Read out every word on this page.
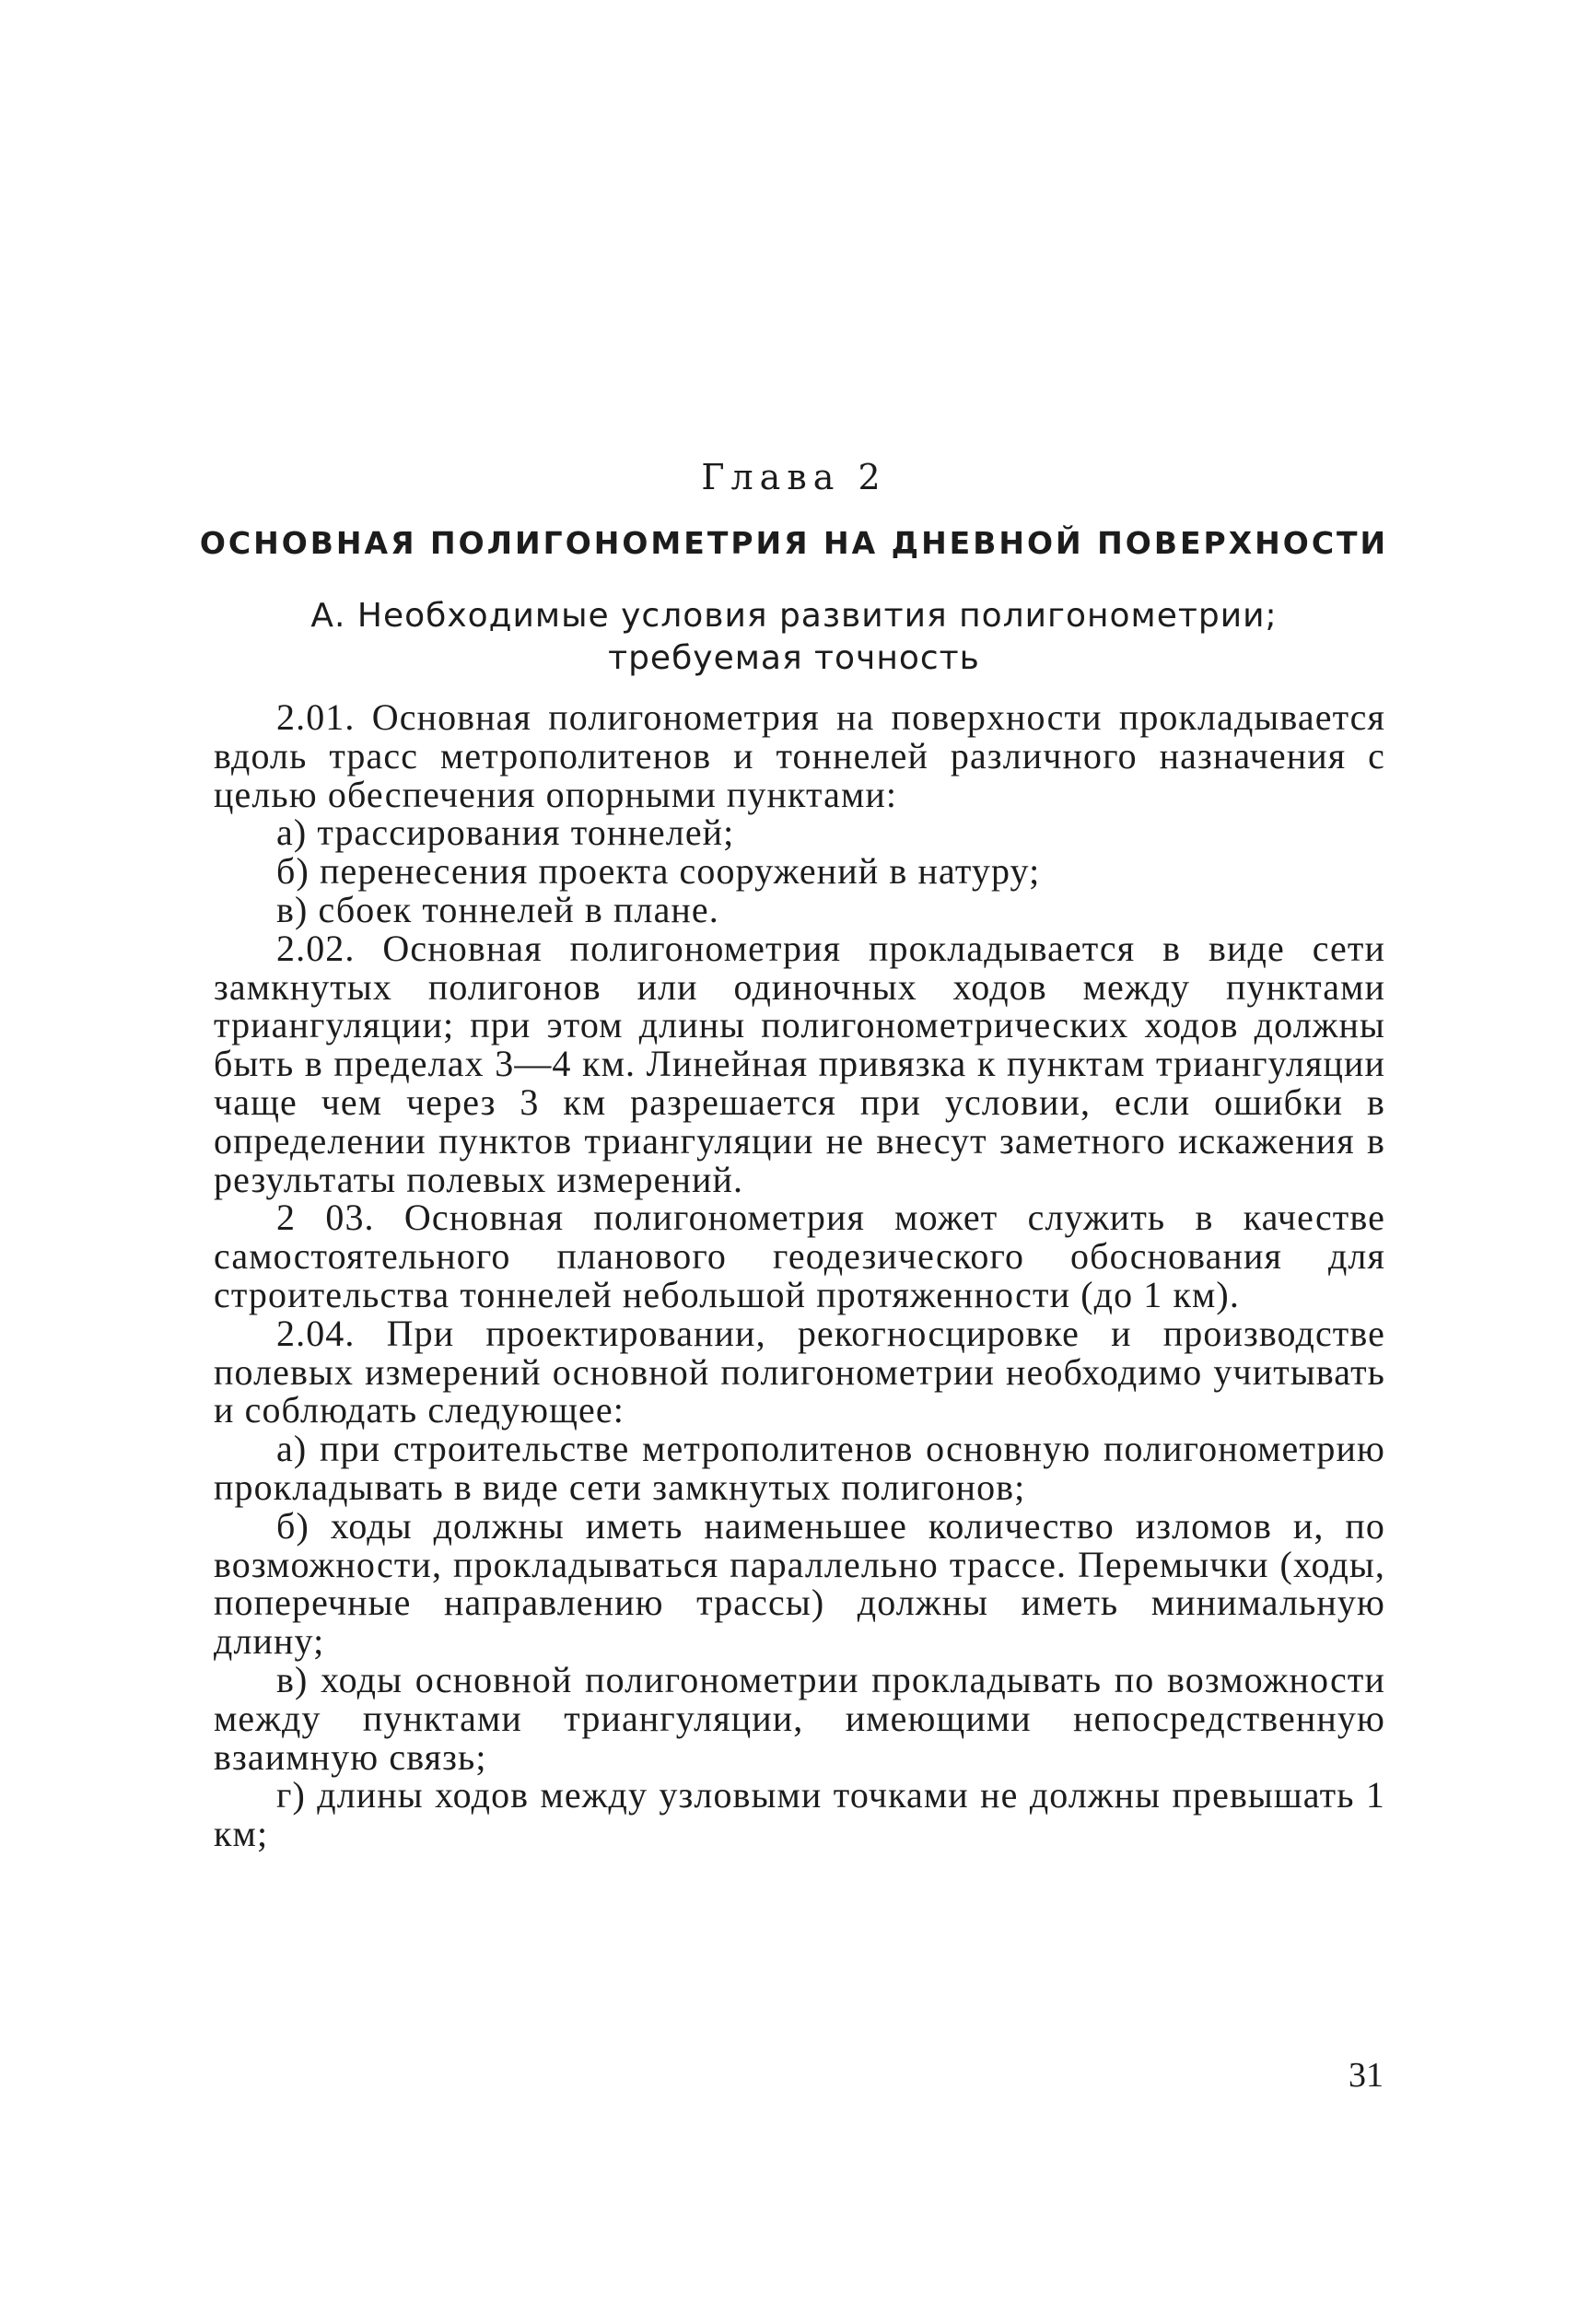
Глава 2
ОСНОВНАЯ ПОЛИГОНОМЕТРИЯ НА ДНЕВНОЙ ПОВЕРХНОСТИ
А. Необходимые условия развития полигонометрии;
требуемая точность

2.01. Основная полигонометрия на поверхности прокладывается вдоль трасс метрополитенов и тоннелей различного назначения с целью обеспечения опорными пунктами:

а) трассирования тоннелей;

б) перенесения проекта сооружений в натуру;

в) сбоек тоннелей в плане.

2.02. Основная полигонометрия прокладывается в виде сети замкнутых полигонов или одиночных ходов между пунктами триангуляции; при этом длины полигонометрических ходов должны быть в пределах 3—4 км. Линейная привязка к пунктам триангуляции чаще чем через 3 км разрешается при условии, если ошибки в определении пунктов триангуляции не внесут заметного искажения в результаты полевых измерений.

2 03. Основная полигонометрия может служить в качестве самостоятельного планового геодезического обоснования для строительства тоннелей небольшой протяженности (до 1 км).

2.04. При проектировании, рекогносцировке и производстве полевых измерений основной полигонометрии необходимо учитывать и соблюдать следующее:

а) при строительстве метрополитенов основную полигонометрию прокладывать в виде сети замкнутых полигонов;

б) ходы должны иметь наименьшее количество изломов и, по возможности, прокладываться параллельно трассе. Перемычки (ходы, поперечные направлению трассы) должны иметь минимальную длину;

в) ходы основной полигонометрии прокладывать по возможности между пунктами триангуляции, имеющими непосредственную взаимную связь;

г) длины ходов между узловыми точками не должны превышать 1 км;

31
